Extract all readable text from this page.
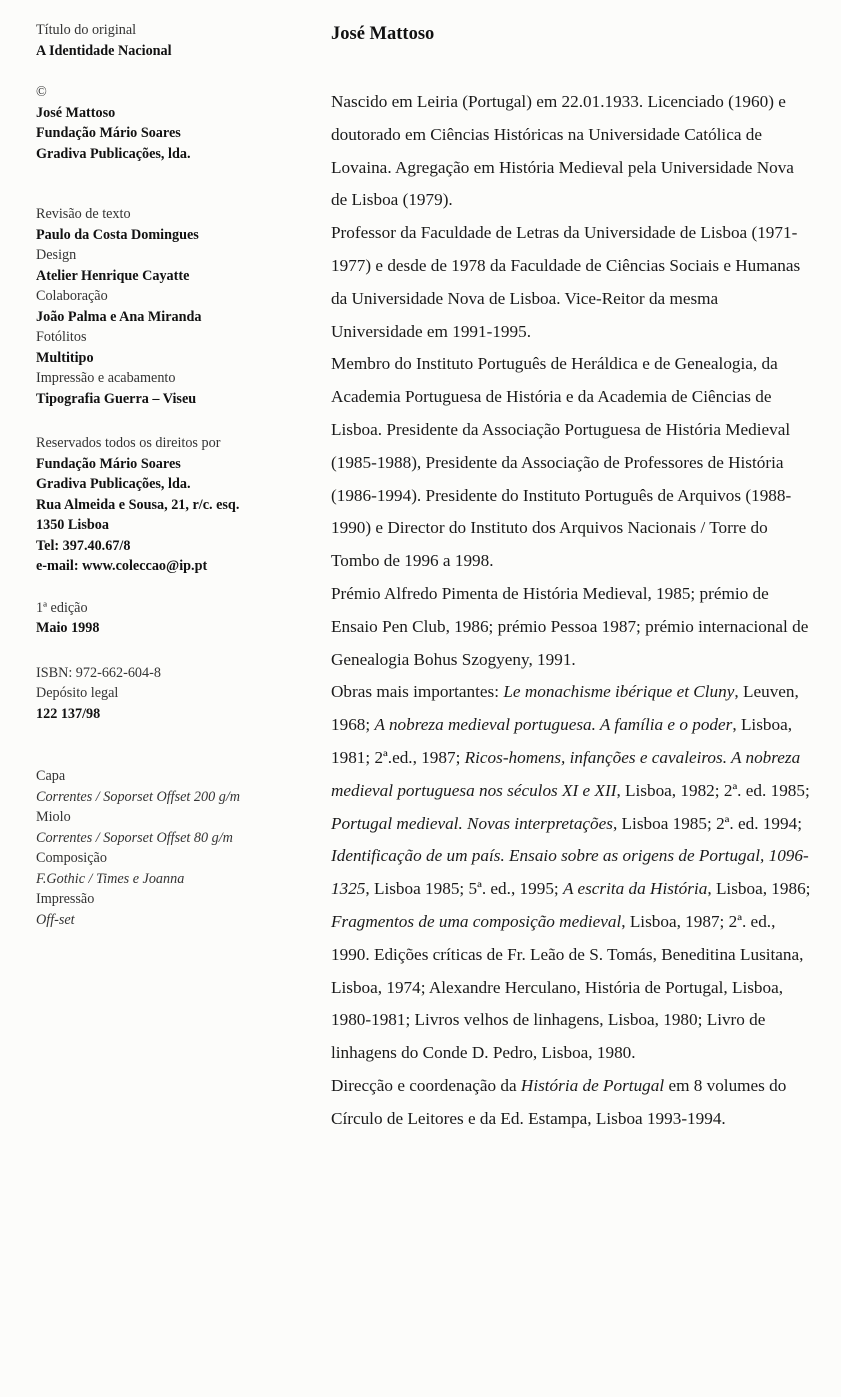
Título do original

A Identidade Nacional

©

José Mattoso

Fundação Mário Soares

Gradiva Publicações, lda.

Revisão de texto

Paulo da Costa Domingues

Design

Atelier Henrique Cayatte

Colaboração

João Palma e Ana Miranda

Fotólitos

Multitipo

Impressão e acabamento

Tipografia Guerra – Viseu

Reservados todos os direitos por

Fundação Mário Soares

Gradiva Publicações, lda.

Rua Almeida e Sousa, 21, r/c. esq.

1350 Lisboa

Tel: 397.40.67/8

e-mail: www.coleccao@ip.pt

1ª edição

Maio 1998

ISBN: 972-662-604-8

Depósito legal

122 137/98

Capa

Correntes / Soporset Offset 200 g/m

Miolo

Correntes / Soporset Offset 80 g/m

Composição

F.Gothic / Times e Joanna

Impressão

Off-set

José Mattoso

Nascido em Leiria (Portugal) em 22.01.1933. Licenciado (1960) e doutorado em Ciências Históricas na Universidade Católica de Lovaina. Agregação em História Medieval pela Universidade Nova de Lisboa (1979).

Professor da Faculdade de Letras da Universidade de Lisboa (1971-1977) e desde de 1978 da Faculdade de Ciências Sociais e Humanas da Universidade Nova de Lisboa. Vice-Reitor da mesma Universidade em 1991-1995.

Membro do Instituto Português de Heráldica e de Genealogia, da Academia Portuguesa de História e da Academia de Ciências de Lisboa. Presidente da Associação Portuguesa de História Medieval (1985-1988), Presidente da Associação de Professores de História (1986-1994). Presidente do Instituto Português de Arquivos (1988-1990) e Director do Instituto dos Arquivos Nacionais / Torre do Tombo de 1996 a 1998.

Prémio Alfredo Pimenta de História Medieval, 1985; prémio de Ensaio Pen Club, 1986; prémio Pessoa 1987; prémio internacional de Genealogia Bohus Szogyeny, 1991.

Obras mais importantes: Le monachisme ibérique et Cluny, Leuven, 1968; A nobreza medieval portuguesa. A família e o poder, Lisboa, 1981; 2ª.ed., 1987; Ricos-homens, infanções e cavaleiros. A nobreza medieval portuguesa nos séculos XI e XII, Lisboa, 1982; 2ª. ed. 1985; Portugal medieval. Novas interpretações, Lisboa 1985; 2ª. ed. 1994; Identificação de um país. Ensaio sobre as origens de Portugal, 1096-1325, Lisboa 1985; 5ª. ed., 1995; A escrita da História, Lisboa, 1986; Fragmentos de uma composição medieval, Lisboa, 1987; 2ª. ed., 1990. Edições críticas de Fr. Leão de S. Tomás, Beneditina Lusitana, Lisboa, 1974; Alexandre Herculano, História de Portugal, Lisboa, 1980-1981; Livros velhos de linhagens, Lisboa, 1980; Livro de linhagens do Conde D. Pedro, Lisboa, 1980.

Direcção e coordenação da História de Portugal em 8 volumes do Círculo de Leitores e da Ed. Estampa, Lisboa 1993-1994.
